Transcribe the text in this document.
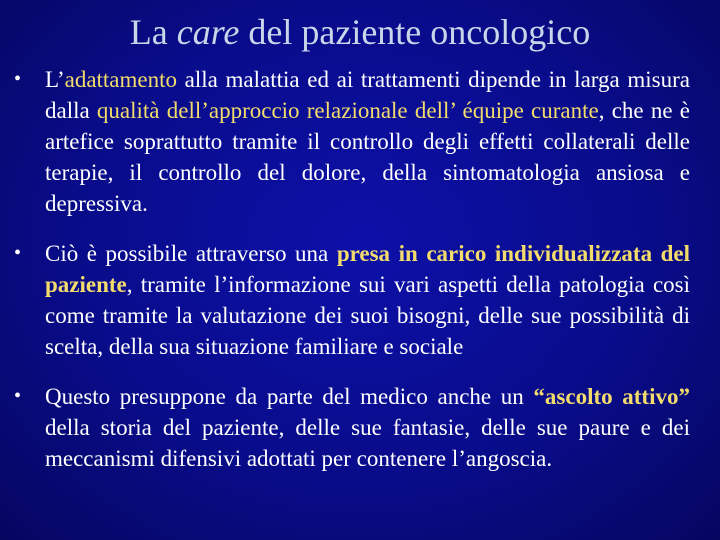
La care del paziente oncologico
• L’adattamento alla malattia ed ai trattamenti dipende in larga misura dalla qualità dell’approccio relazionale dell’ équipe curante, che ne è artefice soprattutto tramite il controllo degli effetti collaterali delle terapie, il controllo del dolore, della sintomatologia ansiosa e depressiva.
• Ciò è possibile attraverso una presa in carico individualizzata del paziente, tramite l’informazione sui vari aspetti della patologia così come tramite la valutazione dei suoi bisogni, delle sue possibilità di scelta, della sua situazione familiare e sociale
• Questo presuppone da parte del medico anche un “ascolto attivo” della storia del paziente, delle sue fantasie, delle sue paure e dei meccanismi difensivi adottati per contenere l’angoscia.
